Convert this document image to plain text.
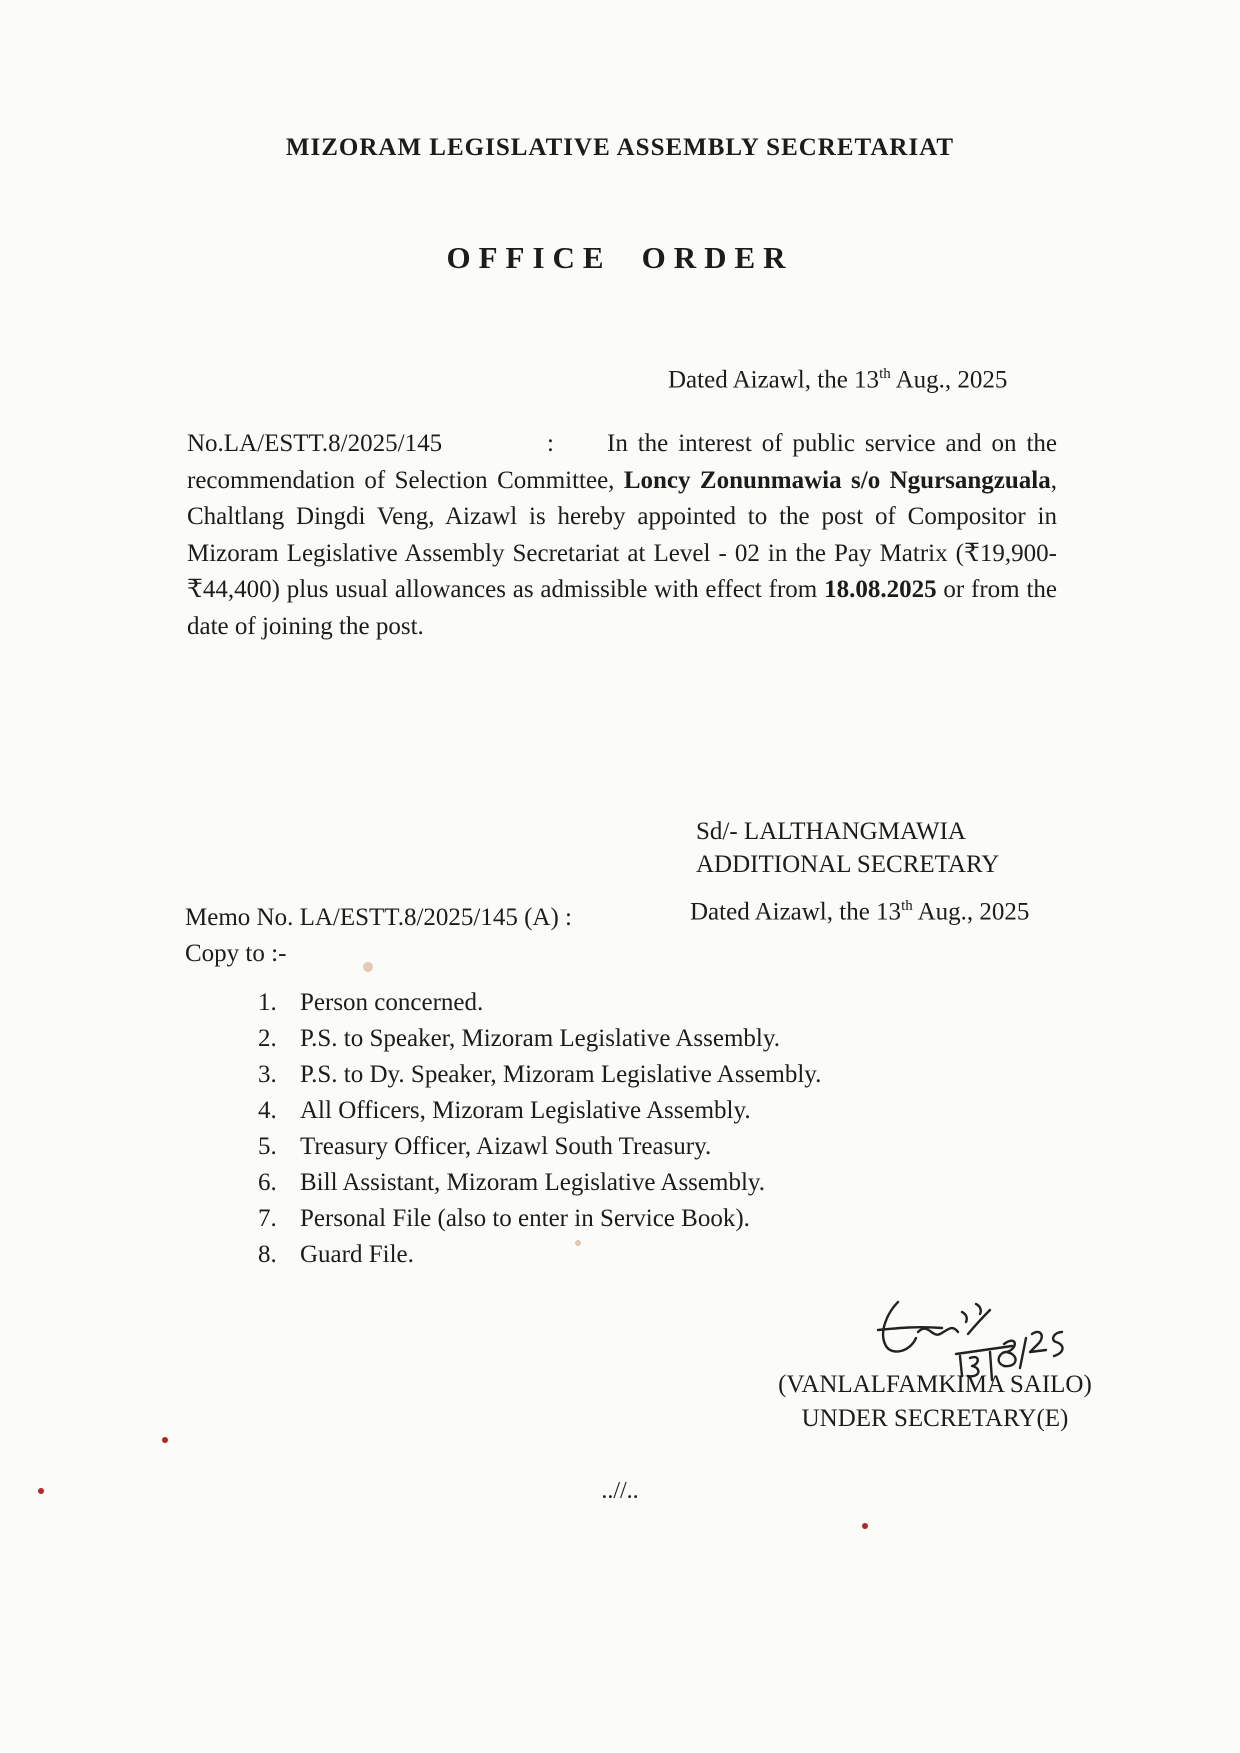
MIZORAM LEGISLATIVE ASSEMBLY SECRETARIAT
OFFICE ORDER
Dated Aizawl, the 13th Aug., 2025
No.LA/ESTT.8/2025/145	: In the interest of public service and on the recommendation of Selection Committee, Loncy Zonunmawia s/o Ngursangzuala, Chaltlang Dingdi Veng, Aizawl is hereby appointed to the post of Compositor in Mizoram Legislative Assembly Secretariat at Level - 02 in the Pay Matrix (₹19,900- ₹44,400) plus usual allowances as admissible with effect from 18.08.2025 or from the date of joining the post.
Sd/- LALTHANGMAWIA
ADDITIONAL SECRETARY
Memo No. LA/ESTT.8/2025/145 (A) :	Dated Aizawl, the 13th Aug., 2025
Copy to :-
1. Person concerned.
2. P.S. to Speaker, Mizoram Legislative Assembly.
3. P.S. to Dy. Speaker, Mizoram Legislative Assembly.
4. All Officers, Mizoram Legislative Assembly.
5. Treasury Officer, Aizawl South Treasury.
6. Bill Assistant, Mizoram Legislative Assembly.
7. Personal File (also to enter in Service Book).
8. Guard File.
(VANLALFAMKIMA SAILO)
UNDER SECRETARY(E)
..//..
